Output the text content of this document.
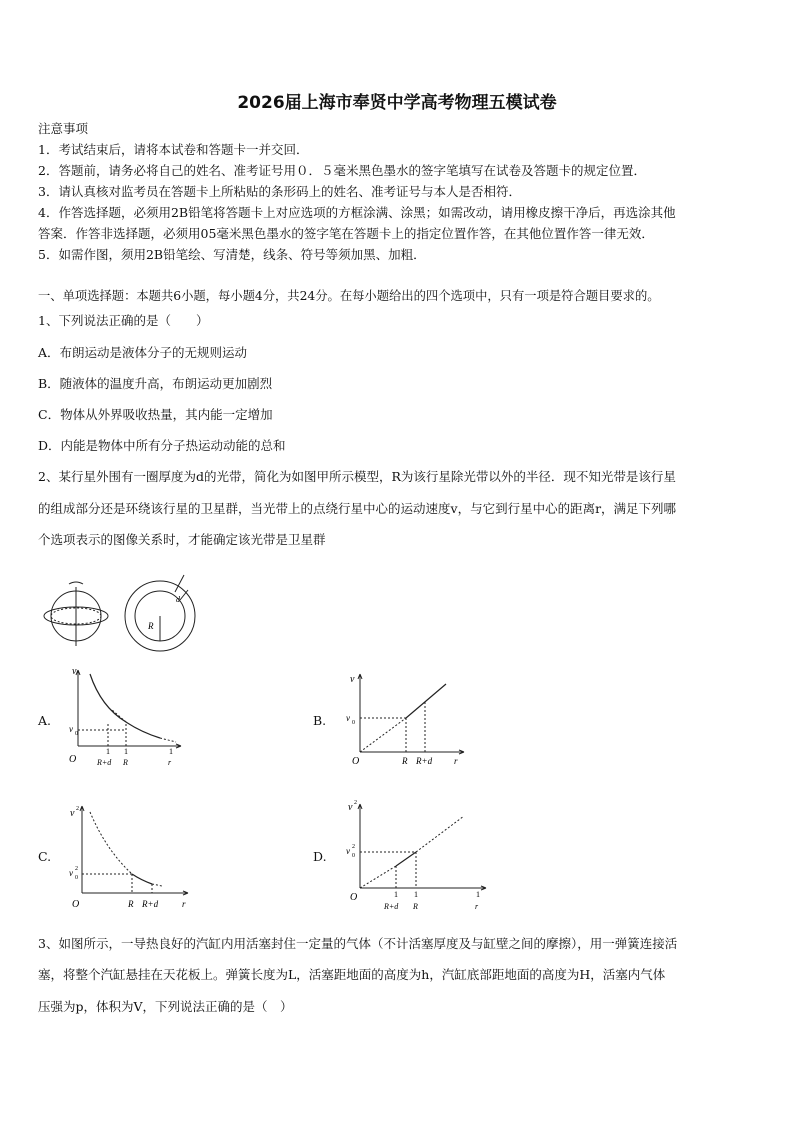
2026届上海市奉贤中学高考物理五模试卷
注意事项
1．考试结束后，请将本试卷和答题卡一并交回．
2．答题前，请务必将自己的姓名、准考证号用０．５毫米黑色墨水的签字笔填写在试卷及答题卡的规定位置．
3．请认真核对监考员在答题卡上所粘贴的条形码上的姓名、准考证号与本人是否相符．
4．作答选择题，必须用2B铅笔将答题卡上对应选项的方框涂满、涂黑；如需改动，请用橡皮擦干净后，再选涂其他
答案．作答非选择题，必须用05毫米黑色墨水的签字笔在答题卡上的指定位置作答，在其他位置作答一律无效．
5．如需作图，须用2B铅笔绘、写清楚，线条、符号等须加黑、加粗．
一、单项选择题：本题共6小题，每小题4分，共24分。在每小题给出的四个选项中，只有一项是符合题目要求的。
1、下列说法正确的是（　　）
A．布朗运动是液体分子的无规则运动
B．随液体的温度升高，布朗运动更加剧烈
C．物体从外界吸收热量，其内能一定增加
D．内能是物体中所有分子热运动动能的总和
2、某行星外围有一圈厚度为d的光带，简化为如图甲所示模型，R为该行星除光带以外的半径．现不知光带是该行星
的组成部分还是环绕该行星的卫星群，当光带上的点绕行星中心的运动速度v，与它到行星中心的距离r，满足下列哪
个选项表示的图像关系时，才能确定该光带是卫星群
R
d
A.
v
v 0
O
1
R+d
1
R
1
r
B.
v
v 0
O	R R+d r
C.
v 2
v 0
2
O	R R+d	r
D.
v 2
v 0
2
O	1
R+d
1
R
1
r
3、如图所示，一导热良好的汽缸内用活塞封住一定量的气体（不计活塞厚度及与缸壁之间的摩擦），用一弹簧连接活
塞，将整个汽缸悬挂在天花板上。弹簧长度为L，活塞距地面的高度为h，汽缸底部距地面的高度为H，活塞内气体
压强为p，体积为V，下列说法正确的是（　）
